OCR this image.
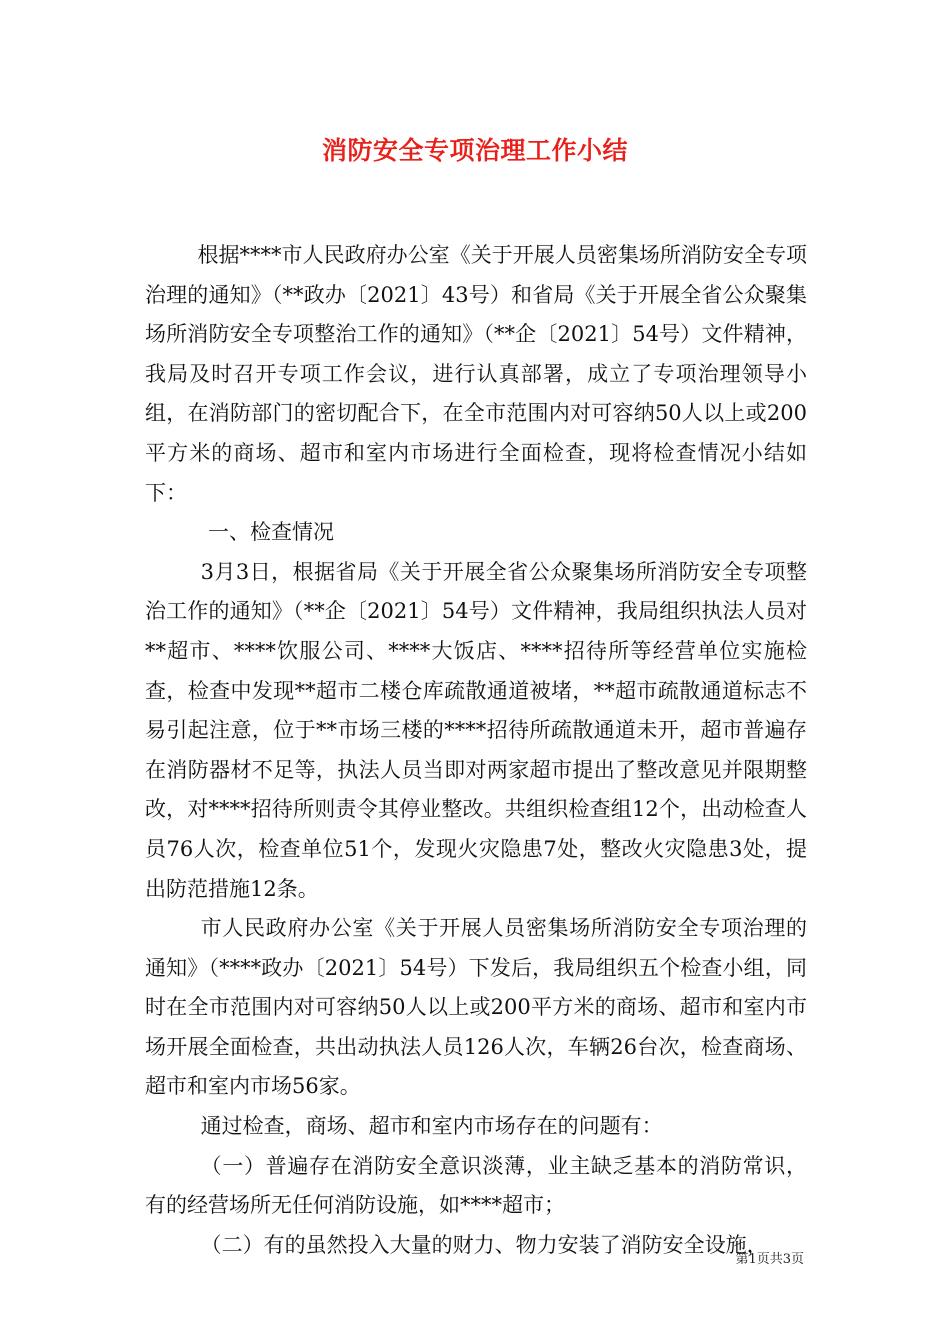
消防安全专项治理工作小结

根据****市人民政府办公室《关于开展人员密集场所消防安全专项治理的通知》（**政办〔2021〕43号）和省局《关于开展全省公众聚集场所消防安全专项整治工作的通知》（**企〔2021〕54号）文件精神，我局及时召开专项工作会议，进行认真部署，成立了专项治理领导小组，在消防部门的密切配合下，在全市范围内对可容纳50人以上或200平方米的商场、超市和室内市场进行全面检查，现将检查情况小结如下：

一、检查情况

3月3日，根据省局《关于开展全省公众聚集场所消防安全专项整治工作的通知》（**企〔2021〕54号）文件精神，我局组织执法人员对**超市、****饮服公司、****大饭店、****招待所等经营单位实施检查，检查中发现**超市二楼仓库疏散通道被堵，**超市疏散通道标志不易引起注意，位于**市场三楼的****招待所疏散通道未开，超市普遍存在消防器材不足等，执法人员当即对两家超市提出了整改意见并限期整改，对****招待所则责令其停业整改。共组织检查组12个，出动检查人员76人次，检查单位51个，发现火灾隐患7处，整改火灾隐患3处，提出防范措施12条。

市人民政府办公室《关于开展人员密集场所消防安全专项治理的通知》（****政办〔2021〕54号）下发后，我局组织五个检查小组，同时在全市范围内对可容纳50人以上或200平方米的商场、超市和室内市场开展全面检查，共出动执法人员126人次，车辆26台次，检查商场、超市和室内市场56家。

通过检查，商场、超市和室内市场存在的问题有：

（一）普遍存在消防安全意识淡薄，业主缺乏基本的消防常识，有的经营场所无任何消防设施，如****超市；

（二）有的虽然投入大量的财力、物力安装了消防安全设施，

第1页共3页
